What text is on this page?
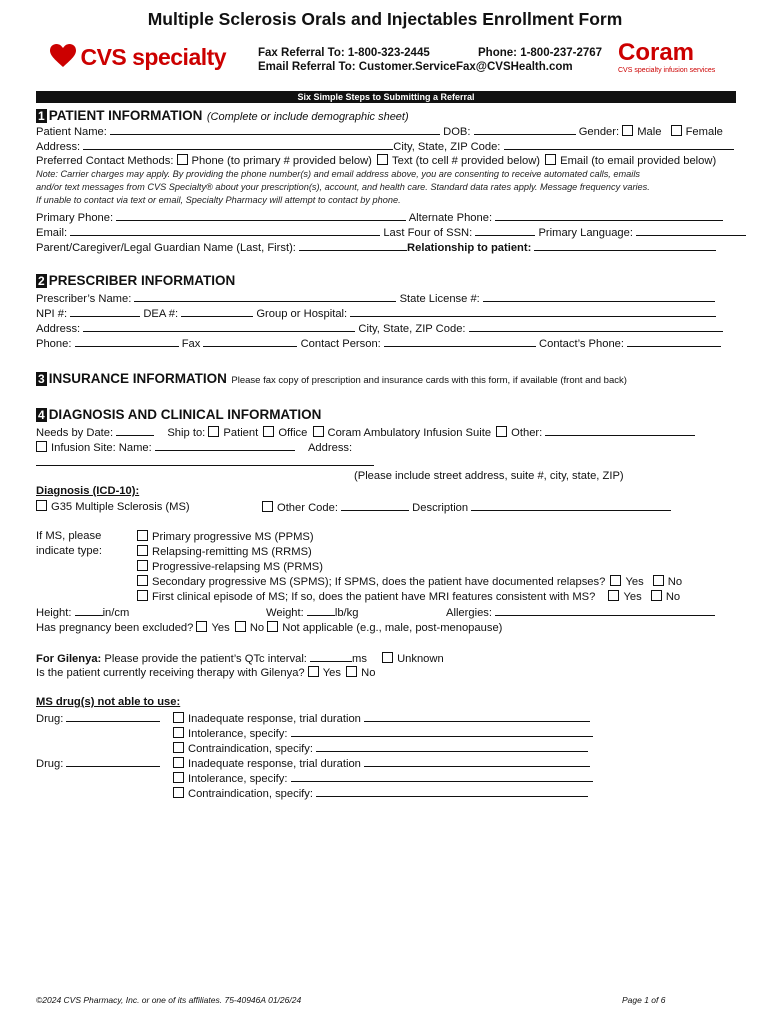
Multiple Sclerosis Orals and Injectables Enrollment Form
CVS specialty	Fax Referral To: 1-800-323-2445	Phone: 1-800-237-2767
Email Referral To: Customer.ServiceFax@CVSHealth.com
Coram
CVS specialty infusion services
Six Simple Steps to Submitting a Referral
1 PATIENT INFORMATION (Complete or include demographic sheet)
Patient Name:	DOB:	Gender: Male Female
Address:	City, State, ZIP Code:
Preferred Contact Methods: Phone (to primary # provided below) Text (to cell # provided below) Email (to email provided below)
Note: Carrier charges may apply. By providing the phone number(s) and email address above, you are consenting to receive automated calls, emails
and/or text messages from CVS Specialty® about your prescription(s), account, and health care. Standard data rates apply. Message frequency varies.
If unable to contact via text or email, Specialty Pharmacy will attempt to contact by phone.
Primary Phone:	Alternate Phone:
Email:	Last Four of SSN:	Primary Language:
Parent/Caregiver/Legal Guardian Name (Last, First):	Relationship to patient:
2 PRESCRIBER INFORMATION
Prescriber’s Name:	State License #:
NPI #:	DEA #:	Group or Hospital:
Address:	City, State, ZIP Code:
Phone:	Fax	Contact Person:	Contact’s Phone:
3 INSURANCE INFORMATION Please fax copy of prescription and insurance cards with this form, if available (front and back)
4 DIAGNOSIS AND CLINICAL INFORMATION
Needs by Date:	Ship to: Patient Office Coram Ambulatory Infusion Suite Other:
Infusion Site: Name:	Address:
(Please include street address, suite #, city, state, ZIP)
Diagnosis (ICD-10):
G35 Multiple Sclerosis (MS)	Other Code:	Description
If MS, please
indicate type:
Primary progressive MS (PPMS)
Relapsing-remitting MS (RRMS)
Progressive-relapsing MS (PRMS)
Secondary progressive MS (SPMS); If SPMS, does the patient have documented relapses? Yes No
First clinical episode of MS; If so, does the patient have MRI features consistent with MS?	Yes No
Height:	in/cm	Weight:	lb/kg	Allergies:
Has pregnancy been excluded? Yes No Not applicable (e.g., male, post-menopause)
For Gilenya: Please provide the patient’s QTc interval:	ms	Unknown
Is the patient currently receiving therapy with Gilenya? Yes No
MS drug(s) not able to use:
Drug:	Inadequate response, trial duration
Intolerance, specify:
Contraindication, specify:
Drug:	Inadequate response, trial duration
Intolerance, specify:
Contraindication, specify:
©2024 CVS Pharmacy, Inc. or one of its affiliates. 75-40946A 01/26/24	Page 1 of 6
